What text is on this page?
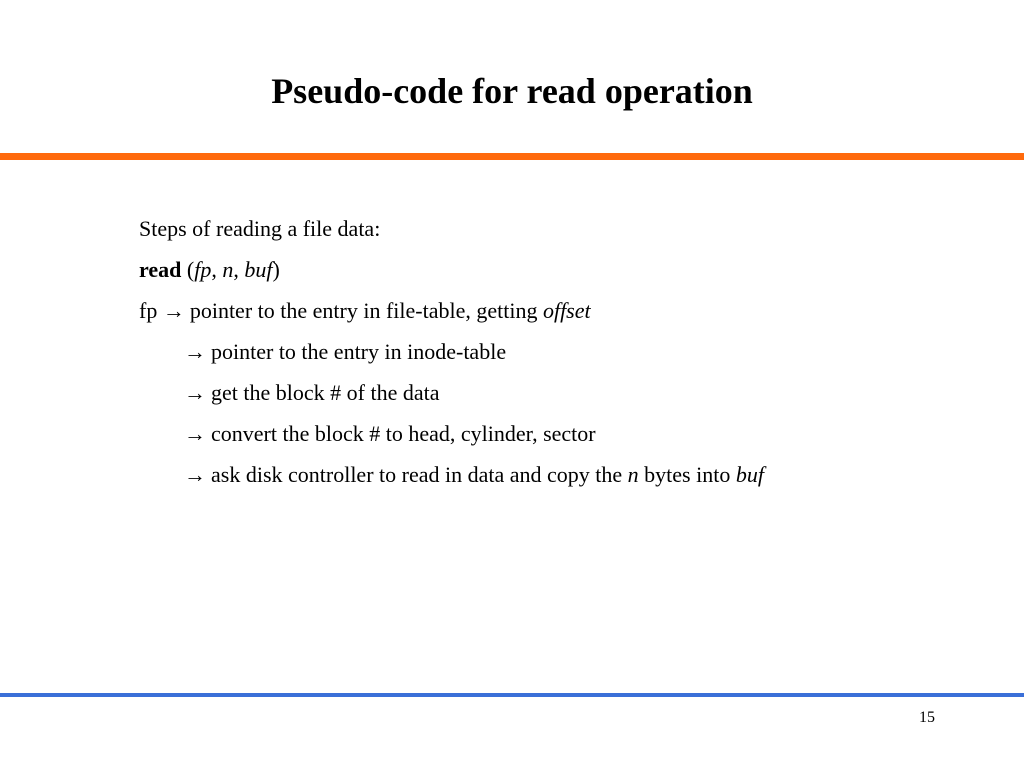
Pseudo-code for read operation
Steps of reading a file data:
read (fp, n, buf)
fp → pointer to the entry in file-table, getting offset
→ pointer to the entry in inode-table
→ get the block # of the data
→ convert the block # to head, cylinder, sector
→ ask disk controller to read in data and copy the n bytes into buf
15
